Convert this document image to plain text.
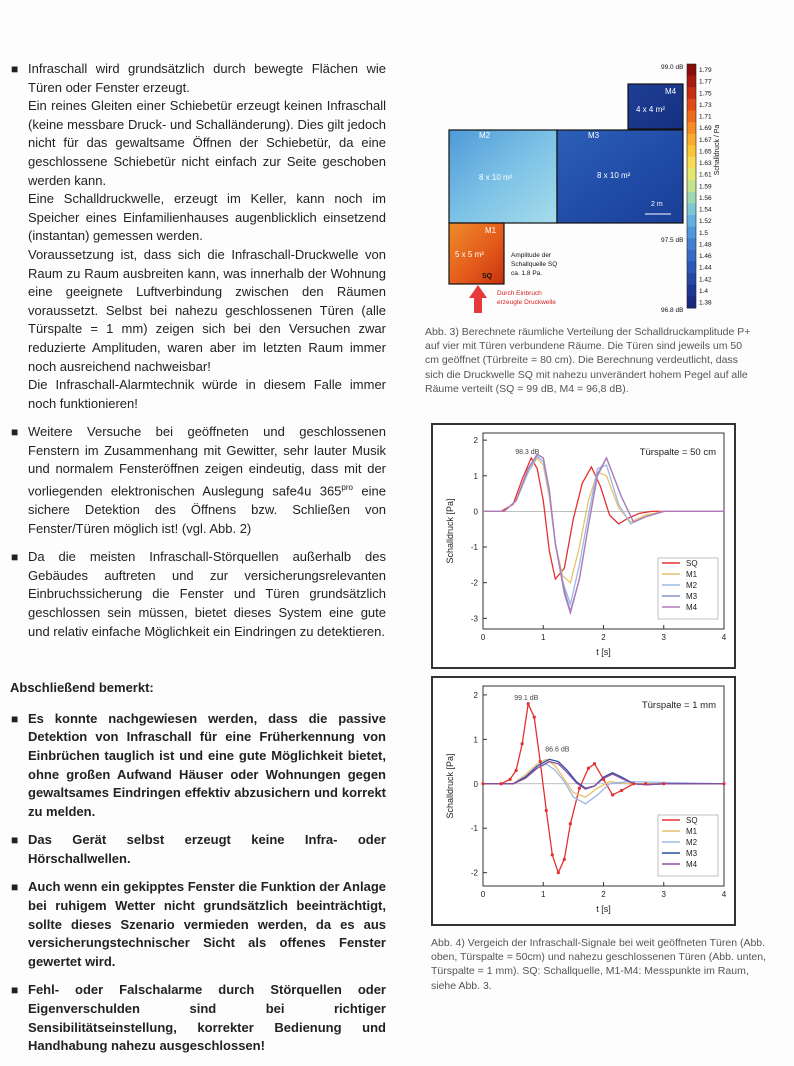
■ Infraschall wird grundsätzlich durch bewegte Flächen wie Türen oder Fenster erzeugt.

Ein reines Gleiten einer Schiebetür erzeugt keinen Infraschall (keine messbare Druck- und Schalländerung). Dies gilt jedoch nicht für das gewaltsame Öffnen der Schiebetür, da eine geschlossene Schiebetür nicht einfach zur Seite geschoben werden kann.

Eine Schalldruckwelle, erzeugt im Keller, kann noch im Speicher eines Einfamilienhauses augenblicklich einsetzend (instantan) gemessen werden.

Voraussetzung ist, dass sich die Infraschall-Druckwelle von Raum zu Raum ausbreiten kann, was innerhalb der Wohnung eine geeignete Luftverbindung zwischen den Räumen voraussetzt. Selbst bei nahezu geschlossenen Türen (alle Türspalte = 1 mm) zeigen sich bei den Versuchen zwar reduzierte Amplituden, waren aber im letzten Raum immer noch ausreichend nachweisbar!

Die Infraschall-Alarmtechnik würde in diesem Falle immer noch funktionieren!

■ Weitere Versuche bei geöffneten und geschlossenen Fenstern im Zusammenhang mit Gewitter, sehr lauter Musik und normalem Fensteröffnen zeigen eindeutig, dass mit der vorliegenden elektronischen Auslegung safe4u $365^{pro}$ eine sichere Detektion des Öffnens bzw. Schließen von Fenster/Türen möglich ist! (vgl. Abb. 2)

■ Da die meisten Infraschall-Störquellen außerhalb des Gebäudes auftreten und zur versicherungsrelevanten Einbruchssicherung die Fenster und Türen grundsätzlich geschlossen sein müssen, bietet dieses System eine gute und relativ einfache Möglichkeit ein Eindringen zu detektieren.

Abschließend bemerkt:
■ Es konnte nachgewiesen werden, dass die passive Detektion von Infraschall für eine Früherkennung von Einbrüchen tauglich ist und eine gute Möglichkeit bietet, ohne großen Aufwand Häuser oder Wohnungen gegen gewaltsames Eindringen effektiv abzusichern und korrekt zu melden.

■ Das Gerät selbst erzeugt keine Infra- oder Hörschallwellen.

■ Auch wenn ein gekipptes Fenster die Funktion der Anlage bei ruhigem Wetter nicht grundsätzlich beeinträchtigt, sollte dieses Szenario vermieden werden, da es aus versicherungstechnischer Sicht als offenes Fenster gewertet wird.

■ Fehl- oder Falschalarme durch Störquellen oder Eigenverschulden sind bei richtiger Sensibilitätseinstellung, korrekter Bedienung und Handhabung nahezu ausgeschlossen!

M4
4 x 4 m²
M2
8 x 10 m²
M3
8 x 10 m²
2 m
M1
5 x 5 m²
SQ
Amplitude der
Schallquelle SQ
ca. 1.8 Pa.
Durch Einbruch
erzeugte Druckwelle
99.0 dB
97.5 dB
96.8 dB
1.79
1.77
1.75
1.73
1.71
1.69
1.67
1.65
1.63
1.61
1.59
1.56
1.54
1.52
1.5
1.48
1.46
1.44
1.42
1.4
1.38
Schalldruck / Pa
Abb. 3) Berechnete räumliche Verteilung der Schalldruckamplitude P+ auf vier mit Türen verbundene Räume. Die Türen sind jeweils um 50 cm geöffnet (Türbreite = 80 cm). Die Berechnung verdeutlicht, dass sich die Druckwelle SQ mit nahezu unverändert hohem Pegel auf alle Räume verteilt (SQ = 99 dB, M4 = 96,8 dB).
0	1	2	3	4
2
1
0
-1
-2
-3
t [s]
Schalldruck [Pa]
Türspalte = 50 cm
98.3 dB
SQ
M1
M2
M3
M4
0	1	2	3	4
2
1
0
-1
-2
t [s]
Schalldruck [Pa]
Türspalte = 1 mm
99.1 dB
86.6 dB
SQ
M1
M2
M3
M4
Abb. 4) Vergeich der Infraschall-Signale bei weit geöffneten Türen (Abb. oben, Türspalte = 50cm) und nahezu geschlossenen Türen (Abb. unten, Türspalte = 1 mm). SQ: Schallquelle, M1-M4: Messpunkte im Raum, siehe Abb. 3.
